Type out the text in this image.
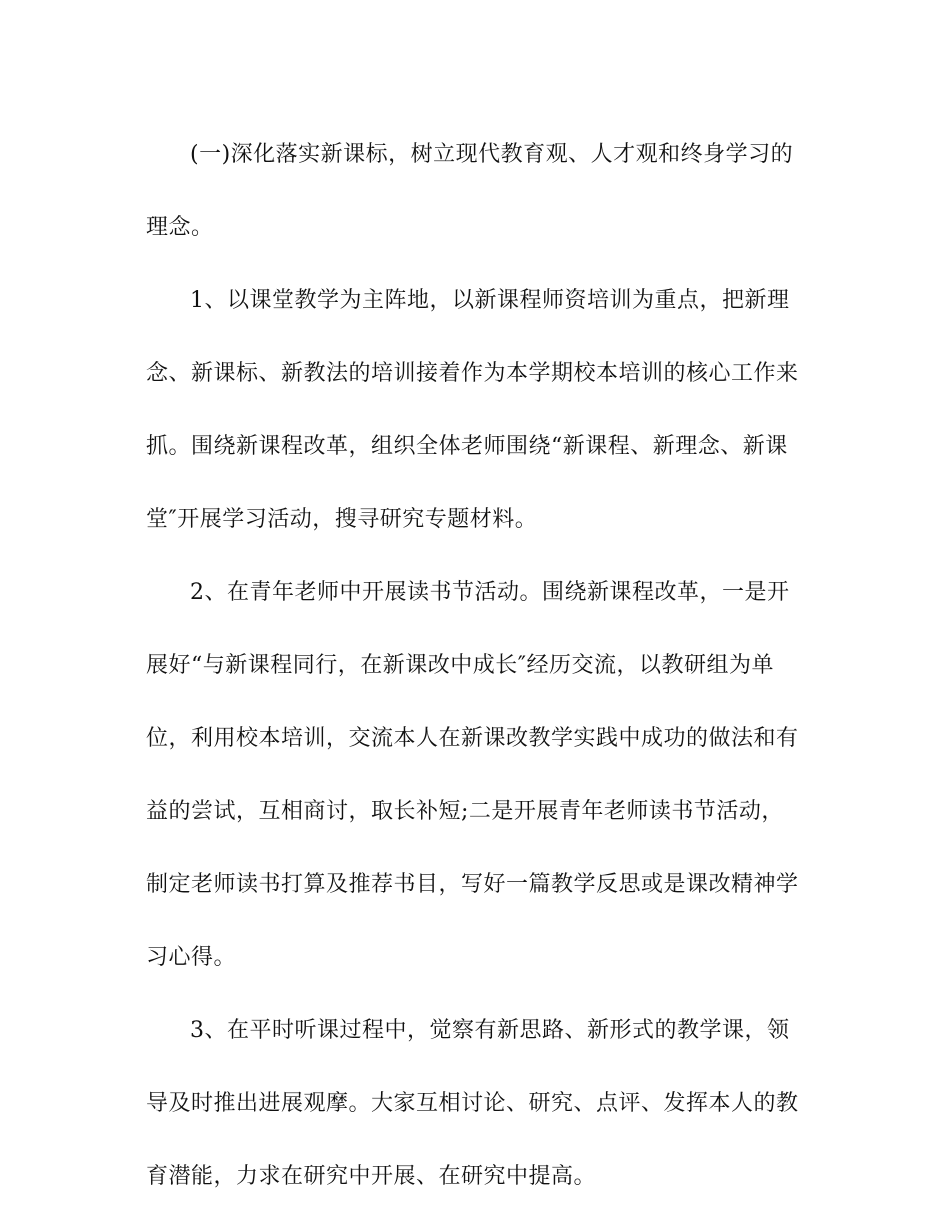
(一)深化落实新课标，树立现代教育观、人才观和终身学习的理念。

1、以课堂教学为主阵地，以新课程师资培训为重点，把新理念、新课标、新教法的培训接着作为本学期校本培训的核心工作来抓。围绕新课程改革，组织全体老师围绕“新课程、新理念、新课堂″开展学习活动，搜寻研究专题材料。

2、在青年老师中开展读书节活动。围绕新课程改革，一是开展好“与新课程同行，在新课改中成长″经历交流，以教研组为单位，利用校本培训，交流本人在新课改教学实践中成功的做法和有益的尝试，互相商讨，取长补短;二是开展青年老师读书节活动，制定老师读书打算及推荐书目，写好一篇教学反思或是课改精神学习心得。

3、在平时听课过程中，觉察有新思路、新形式的教学课，领导及时推出进展观摩。大家互相讨论、研究、点评、发挥本人的教育潜能，力求在研究中开展、在研究中提高。
